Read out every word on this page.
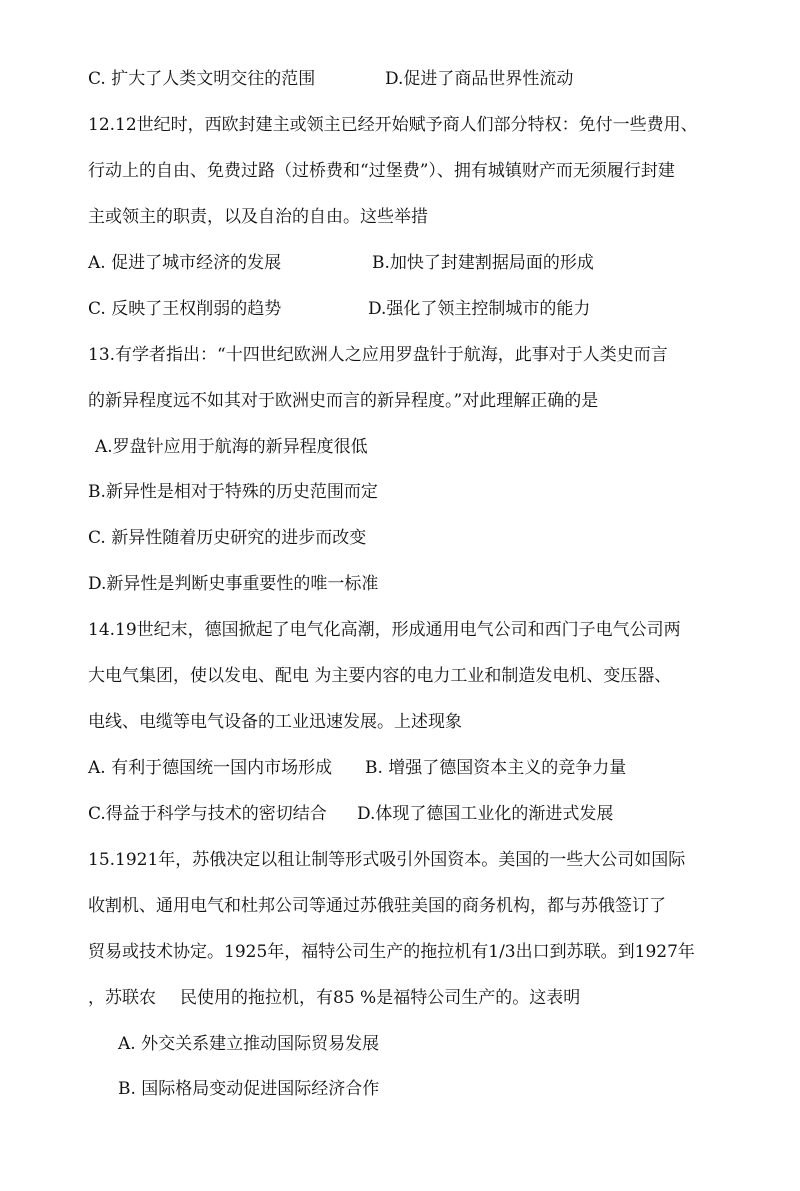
C. 扩大了人类文明交往的范围	D.促进了商品世界性流动
12.12世纪时，西欧封建主或领主已经开始赋予商人们部分特权：免付一些费用、
行动上的自由、免费过路（过桥费和“过堡费”）、拥有城镇财产而无须履行封建
主或领主的职责，以及自治的自由。这些举措
A. 促进了城市经济的发展	B.加快了封建割据局面的形成
C. 反映了王权削弱的趋势	D.强化了领主控制城市的能力
13.有学者指出：“十四世纪欧洲人之应用罗盘针于航海，此事对于人类史而言
的新异程度远不如其对于欧洲史而言的新异程度。”对此理解正确的是
A.罗盘针应用于航海的新异程度很低
B.新异性是相对于特殊的历史范围而定
C. 新异性随着历史研究的进步而改变
D.新异性是判断史事重要性的唯一标准
14.19世纪末，德国掀起了电气化高潮，形成通用电气公司和西门子电气公司两
大电气集团，使以发电、配电 为主要内容的电力工业和制造发电机、变压器、
电线、电缆等电气设备的工业迅速发展。上述现象
A. 有利于德国统一国内市场形成 B. 增强了德国资本主义的竞争力量
C.得益于科学与技术的密切结合 D.体现了德国工业化的渐进式发展
15.1921年，苏俄决定以租让制等形式吸引外国资本。美国的一些大公司如国际
收割机、通用电气和杜邦公司等通过苏俄驻美国的商务机构，都与苏俄签订了
贸易或技术协定。1925年，福特公司生产的拖拉机有1/3出口到苏联。到1927年
，苏联农 民使用的拖拉机，有85 %是福特公司生产的。这表明
A. 外交关系建立推动国际贸易发展
B. 国际格局变动促进国际经济合作
